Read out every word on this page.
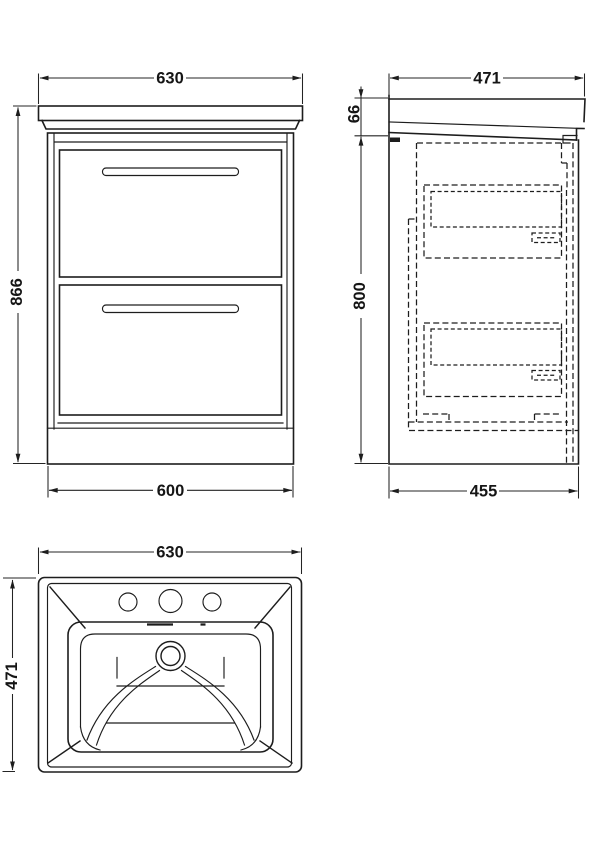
630
866
600
471
66
800
455
630
471
